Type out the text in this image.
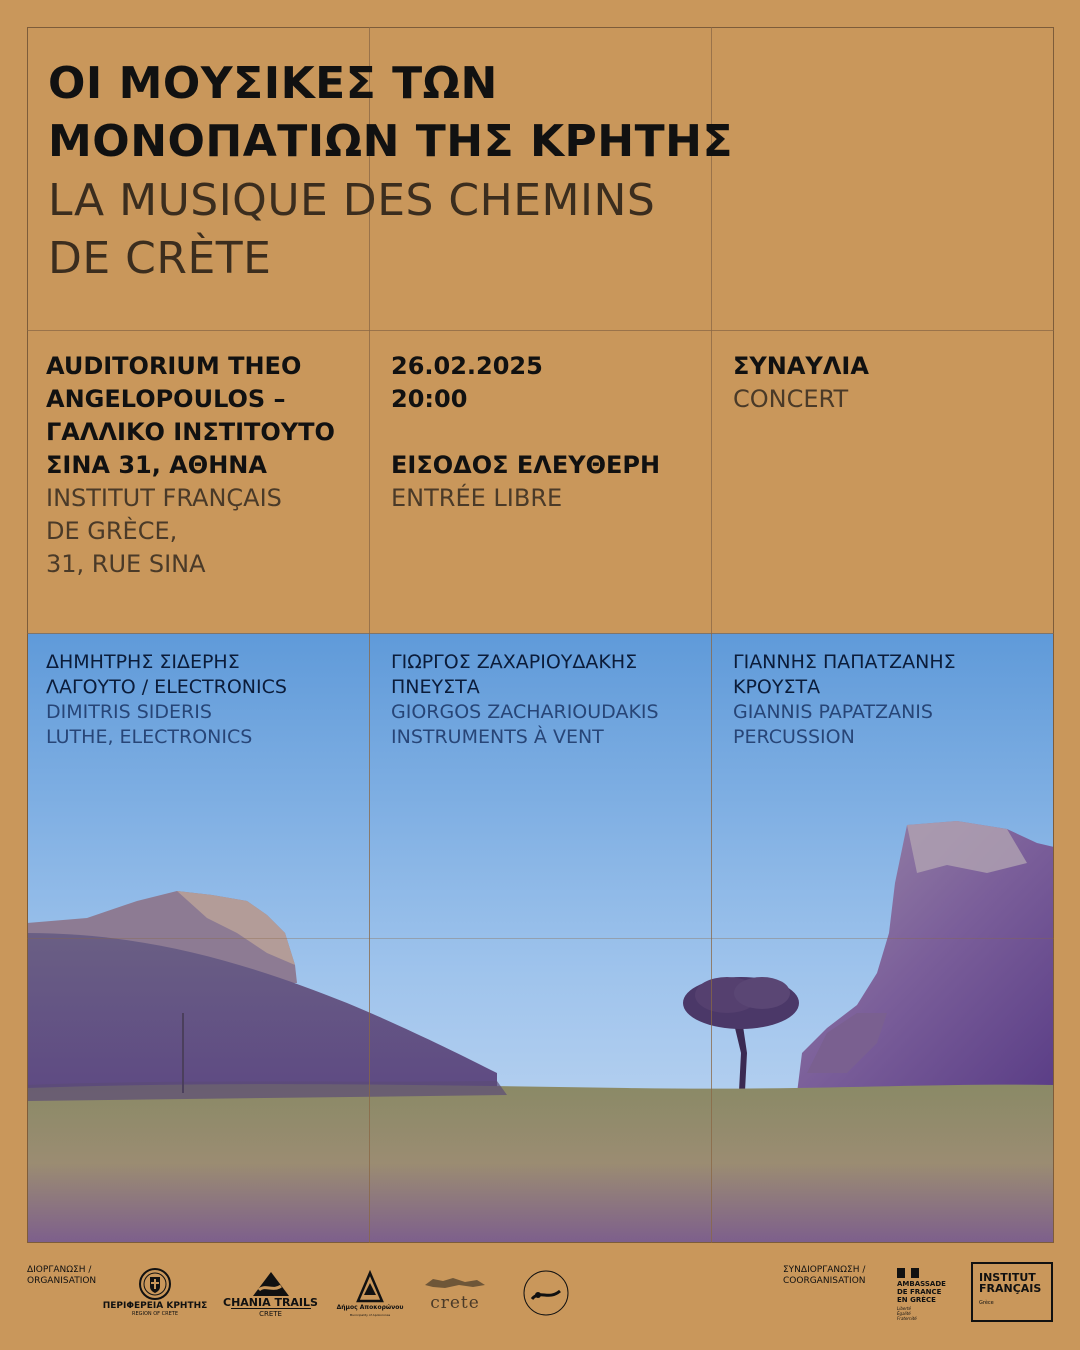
ΟΙ ΜΟΥΣΙΚΕΣ ΤΩΝ
ΜΟΝΟΠΑΤΙΩΝ ΤΗΣ ΚΡΗΤΗΣ
LA MUSIQUE DES CHEMINS
DE CRÈTE
AUDITORIUM THEO
ANGELOPOULOS –
ΓΑΛΛΙΚΟ ΙΝΣΤΙΤΟΥΤΟ
ΣΙΝΑ 31, ΑΘΗΝΑ
INSTITUT FRANÇAIS
DE GRÈCE,
31, RUE SINA
26.02.2025
20:00
ΕΙΣΟΔΟΣ ΕΛΕΥΘΕΡΗ
ENTRÉE LIBRE
ΣΥΝΑΥΛΙΑ
CONCERT
ΔΗΜΗΤΡΗΣ ΣΙΔΕΡΗΣ
ΛΑΓΟΥΤΟ / ELECTRONICS
DIMITRIS SIDERIS
LUTHE, ELECTRONICS
ΓΙΩΡΓΟΣ ΖΑΧΑΡΙΟΥΔΑΚΗΣ
ΠΝΕΥΣΤΑ
GIORGOS ZACHARIOUDAKIS
INSTRUMENTS À VENT
ΓΙΑΝΝΗΣ ΠΑΠΑΤΖΑΝΗΣ
ΚΡΟΥΣΤΑ
GIANNIS PAPATZANIS
PERCUSSION
ΔΙΟΡΓΑΝΩΣΗ /
ORGANISATION
ΣΥΝΔΙΟΡΓΑΝΩΣΗ /
COORGANISATION
ΠΕΡΙΦΕΡΕΙΑ ΚΡΗΤΗΣ
REGION OF CRETE
CHANIA TRAILS
CRETE
Δήμος Αποκορώνου
Municipality of Apokoronas
crete
AMBASSADE
DE FRANCE
EN GRÈCE
Liberté
Égalité
Fraternité
INSTITUT
FRANÇAIS
Grèce
